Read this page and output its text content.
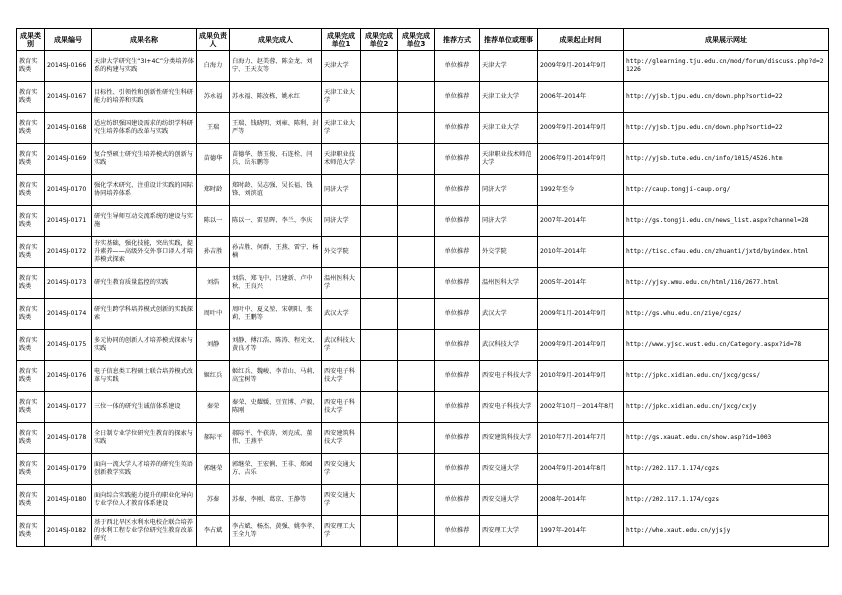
成果类别	成果编号	成果名称	成果负责人	成果完成人	成果完成单位1	成果完成单位2	成果完成单位3	推荐方式	推荐单位或理事	成果起止时间	成果展示网址
教育实践类	2014SJ-0166	天津大学研究生“3I+4C”分类培养体系的构建与实践	白海力	白海力、赵美蓉、陈金龙、刘宁、王天友等	天津大学			单位推荐	天津大学	2009年9月-2014年9月	http://glearning.tju.edu.cn/mod/forum/discuss.php?d=21226
教育实践类	2014SJ-0167	目标性、引领性和创新性研究生科研能力的培养和实践	苏永福	苏永福、陈汝栋、姚永红	天津工业大学			单位推荐	天津工业大学	2006年-2014年	http://yjsb.tjpu.edu.cn/down.php?sortid=22
教育实践类	2014SJ-0168	适应纺织强国建设需求的纺织学科研究生培养体系的改革与实践	王瑞	王瑞、钱晓明、刘雍、陈利、封严等	天津工业大学			单位推荐	天津工业大学	2009年9月-2014年9月	http://yjsb.tjpu.edu.cn/down.php?sortid=22
教育实践类	2014SJ-0169	复合型硕士研究生培养模式的创新与实践	苗德华	苗德华、蔡玉俊、石连栓、闫兵、岳东鹏等	天津职业技术师范大学			单位推荐	天津职业技术师范大学	2006年9月-2014年9月	http://yjsb.tute.edu.cn/info/1015/4526.htm
教育实践类	2014SJ-0170	强化学术研究、注重设计实践的国际协同培养体系	郑时龄	郑时龄、吴志强、吴长福、钱锋、刘滨谊	同济大学			单位推荐	同济大学	1992年至今	http://caup.tongji-caup.org/
教育实践类	2014SJ-0171	研究生导师互动交流系统的建设与实施	陈以一	陈以一、雷星晖、李兰、李庆	同济大学			单位推荐	同济大学	2007年-2014年	http://gs.tongji.edu.cn/news_list.aspx?channel=28
教育实践类	2014SJ-0172	夯实基础，强化技能，突出实践，提升素养——高级外交外事口译人才培养模式探索	孙吉胜	孙吉胜、何群、王燕、雷宁、杨楠	外交学院			单位推荐	外交学院	2010年-2014年	http://tisc.cfau.edu.cn/zhuanti/jxtd/byindex.html
教育实践类	2014SJ-0173	研究生教育质量监控的实践	刘浩	刘浩、郑飞中、吕建新、卢中秋、王良兴	温州医科大学			单位推荐	温州医科大学	2005年-2014年	http://yjsy.wmu.edu.cn/html/116/2677.html
教育实践类	2014SJ-0174	研究生跨学科培养模式创新的实践探索	周叶中	周叶中、夏义堃、宋朝阳、张莉、王鹏等	武汉大学			单位推荐	武汉大学	2009年1月-2014年9月	http://gs.whu.edu.cn/ziye/cgzs/
教育实践类	2014SJ-0175	多元协同的创新人才培养模式探索与实践	刘静	刘静、傅江浩、陈涛、程光文、黄良才等	武汉科技大学			单位推荐	武汉科技大学	2009年9月-2014年9月	http://www.yjsc.wust.edu.cn/Category.aspx?id=78
教育实践类	2014SJ-0176	电子信息类工程硕士联合培养模式改革与实践	姬红兵	姬红兵、魏峻、李青山、马莉、高宝树等	西安电子科技大学			单位推荐	西安电子科技大学	2010年9月-2014年9月	http://jpkc.xidian.edu.cn/jxcg/gcss/
教育实践类	2014SJ-0177	三位一体的研究生诚信体系建设	秦荣	秦荣、史耀媛、豆宜博、卢毅、陈刚	西安电子科技大学			单位推荐	西安电子科技大学	2002年10月－2014年8月	http://jpkc.xidian.edu.cn/jxcg/cxjy
教育实践类	2014SJ-0178	全日制专业学位研究生教育的探索与实践	郝际平	郝际平、牛获涛、刘克成、董伟、王燕平	西安建筑科技大学			单位推荐	西安建筑科技大学	2010年7月-2014年7月	http://gs.xauat.edu.cn/show.asp?id=1003
教育实践类	2014SJ-0179	面向一流大学人才培养的研究生英语创新教学实践	郭继荣	郭继荣、王宏俐、王非、郑园方、吉乐	西安交通大学			单位推荐	西安交通大学	2004年9月-2014年8月	http://202.117.1.174/cgzs
教育实践类	2014SJ-0180	面向综合实践能力提升的职业化导向专业学位人才教育体系建设	苏秦	苏秦、李刚、葛京、王静等	西安交通大学			单位推荐	西安交通大学	2008年-2014年	http://202.117.1.174/cgzs
教育实践类	2014SJ-0182	基于西北旱区水利水电校企联合培养的水利工程专业学位研究生教育改革研究	李占斌	李占斌、杨杰、黄强、姚李孝、王全九等	西安理工大学			单位推荐	西安理工大学	1997年-2014年	http://whe.xaut.edu.cn/yjsjy
